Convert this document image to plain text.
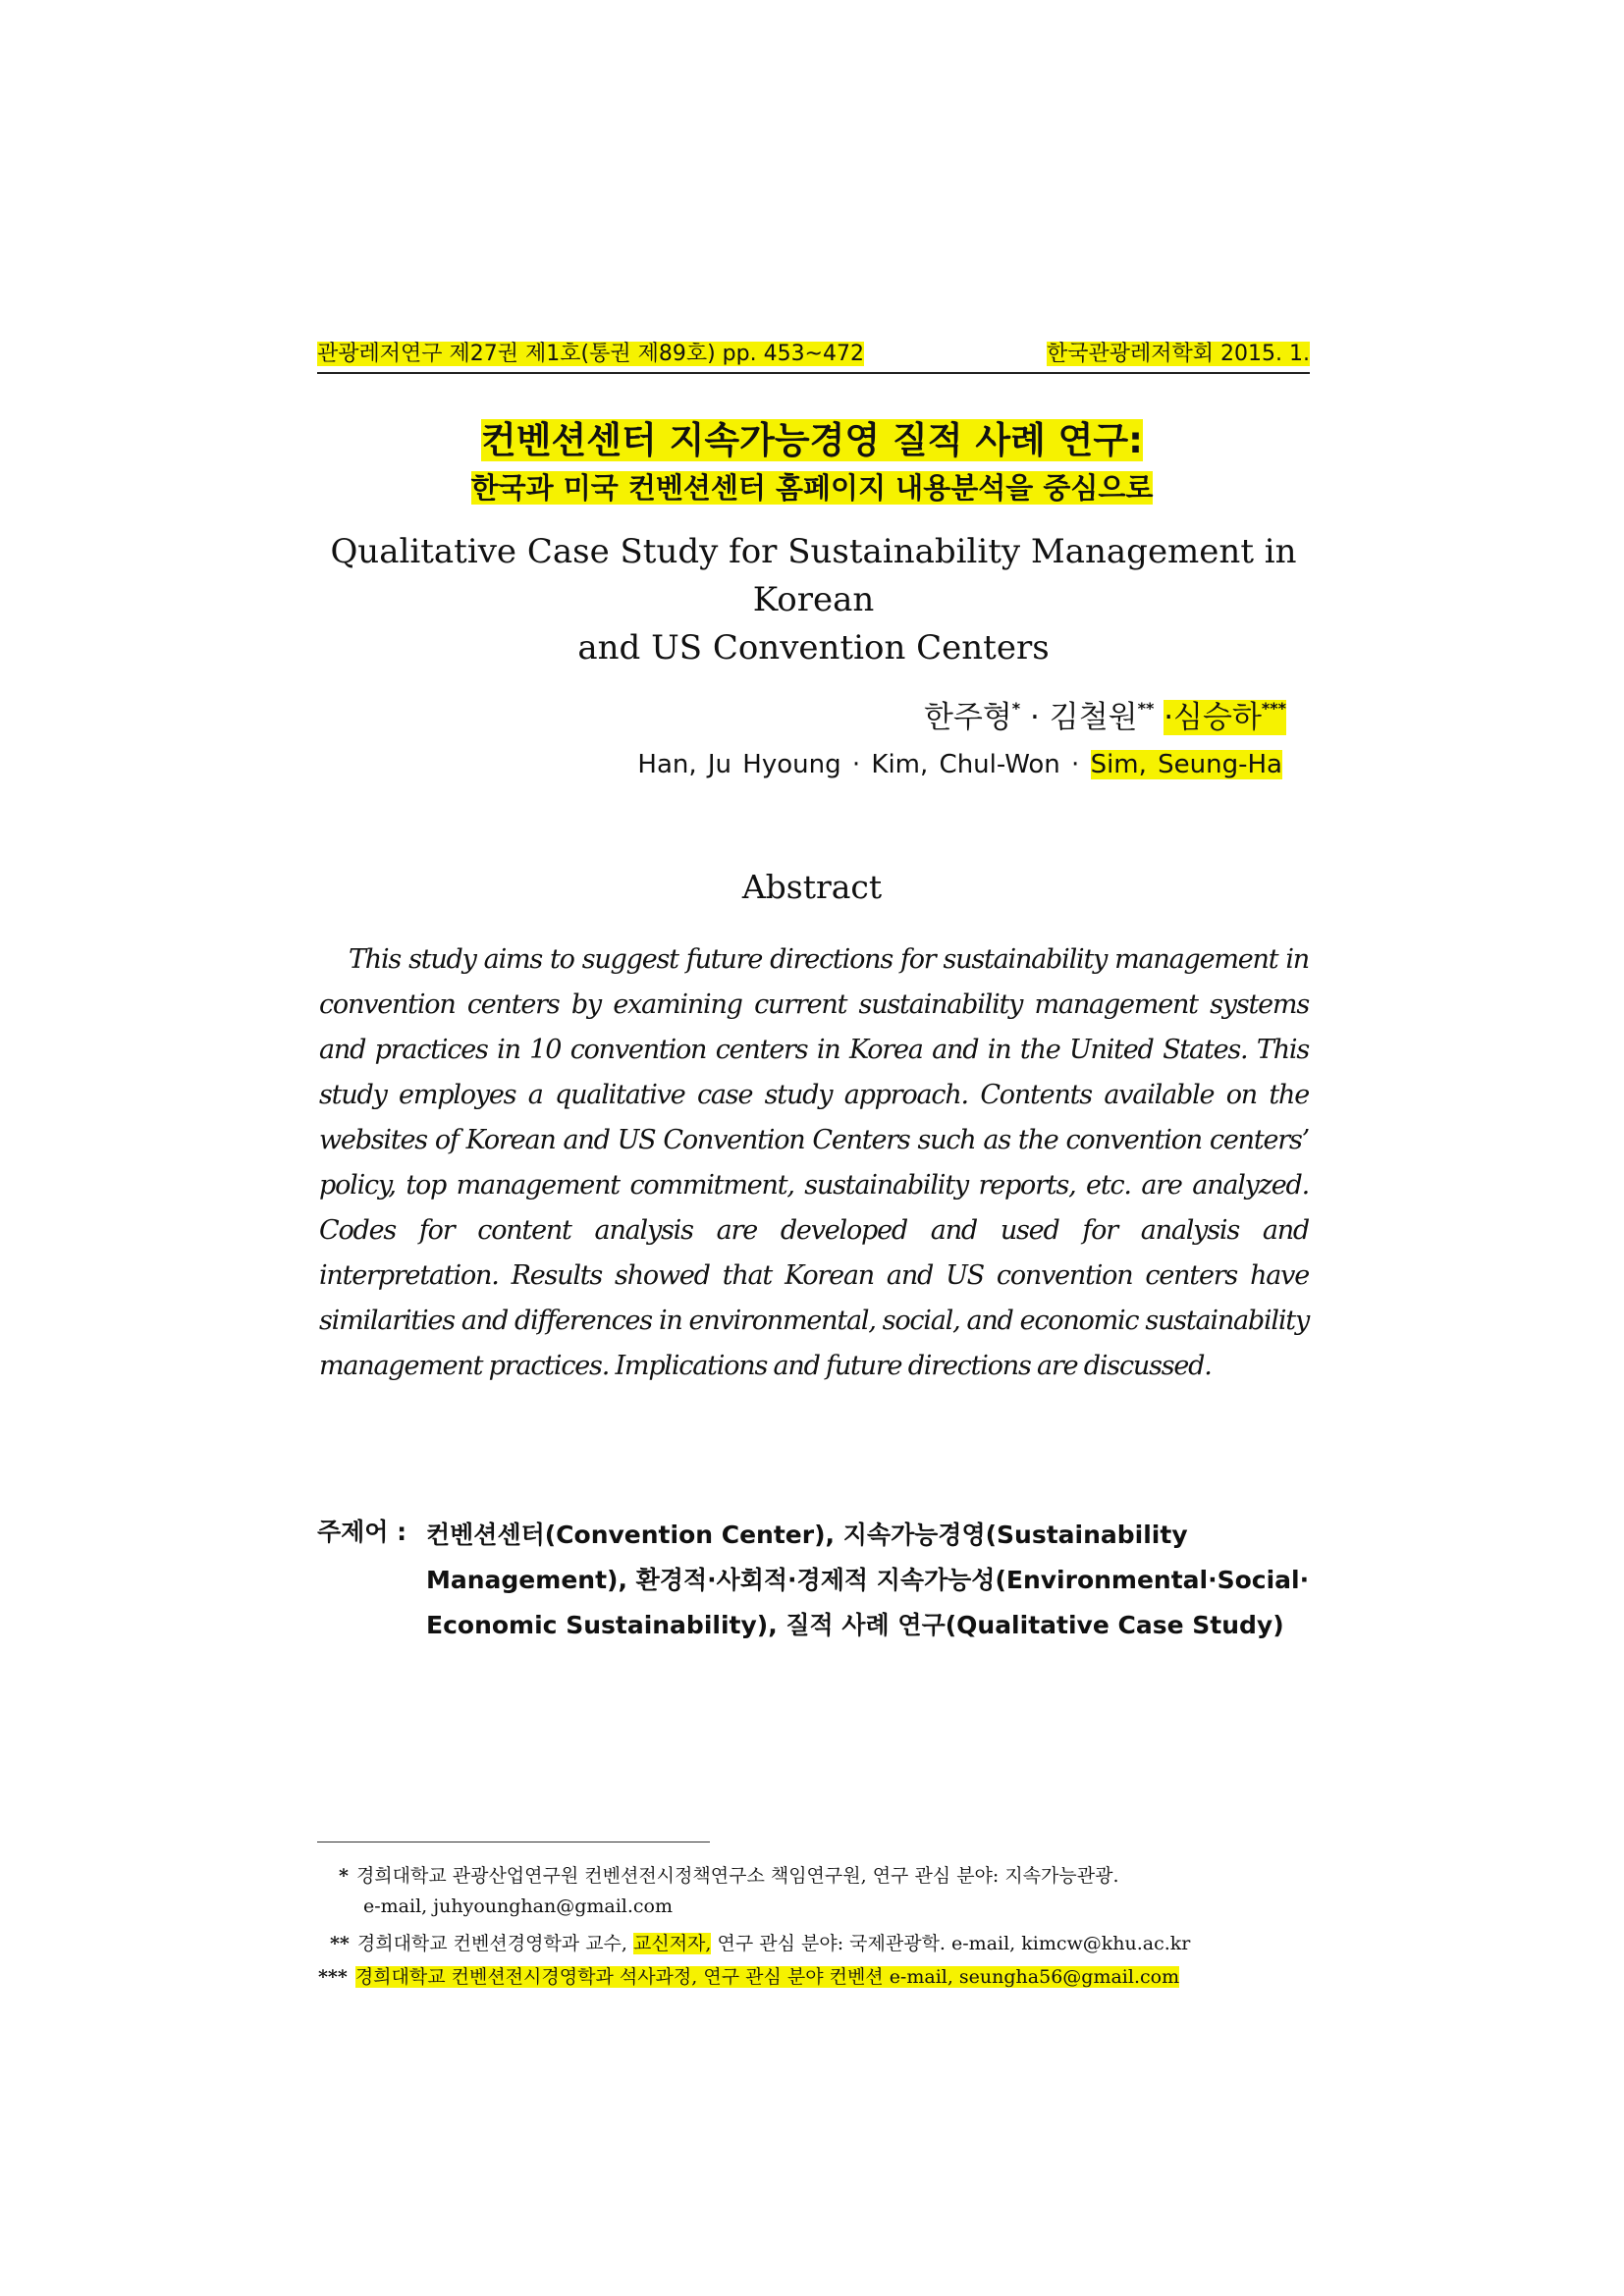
관광레저연구 제27권 제1호(통권 제89호) pp. 453~472	한국관광레저학회 2015. 1.
컨벤션센터 지속가능경영 질적 사례 연구:
한국과 미국 컨벤션센터 홈페이지 내용분석을 중심으로
Qualitative Case Study for Sustainability Management in Korean
and US Convention Centers
한주형* · 김철원** ·심승하***
Han, Ju Hyoung · Kim, Chul-Won · Sim, Seung-Ha
Abstract
This study aims to suggest future directions for sustainability management in convention centers by examining current sustainability management systems and practices in 10 convention centers in Korea and in the United States. This study employes a qualitative case study approach. Contents available on the websites of Korean and US Convention Centers such as the convention centers’ policy, top management commitment, sustainability reports, etc. are analyzed. Codes for content analysis are developed and used for analysis and interpretation. Results showed that Korean and US convention centers have similarities and differences in environmental, social, and economic sustainability management practices. Implications and future directions are discussed.
주제어 : 컨벤션센터(Convention Center), 지속가능경영(Sustainability
Management), 환경적·사회적·경제적 지속가능성(Environmental·Social·
Economic Sustainability), 질적 사례 연구(Qualitative Case Study)
* 경희대학교 관광산업연구원 컨벤션전시정책연구소 책임연구원, 연구 관심 분야: 지속가능관광.
e-mail, juhyounghan@gmail.com
** 경희대학교 컨벤션경영학과 교수, 교신저자, 연구 관심 분야: 국제관광학. e-mail, kimcw@khu.ac.kr
*** 경희대학교 컨벤션전시경영학과 석사과정, 연구 관심 분야 컨벤션 e-mail, seungha56@gmail.com
